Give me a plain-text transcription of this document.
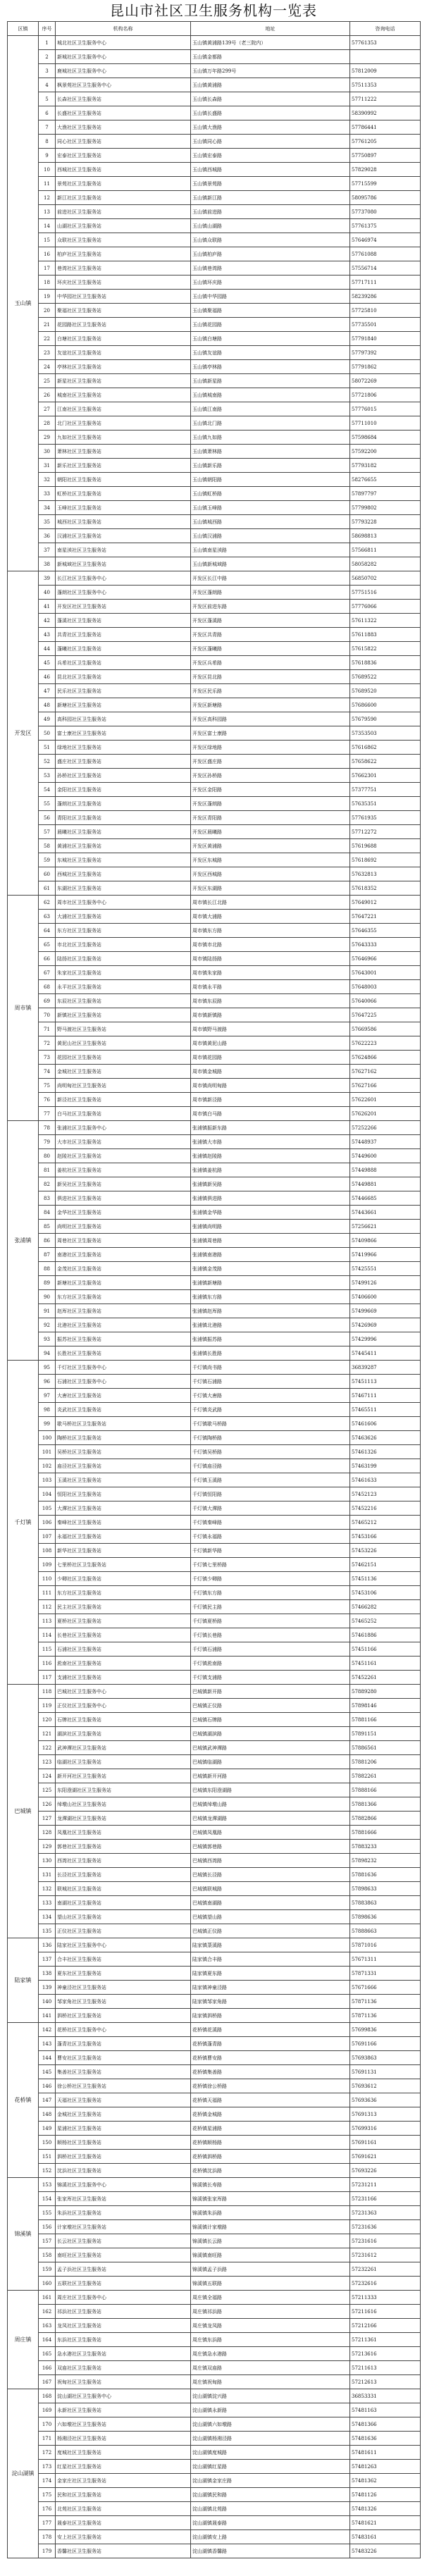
昆山市社区卫生服务机构一览表
区镇	序号	机构名称	地址	咨询电话
玉山镇	1	城北社区卫生服务中心	玉山镇黄浦路139号（老三院内）	57761353
	2	新城社区卫生服务中心	玉山镇金都路	
	3	鹿城社区卫生服务中心	玉山镇万年路299号	57812009
	4	枫景苑社区卫生服务中心	玉山镇黄浦路	57511353
	5	长森社区卫生服务站	玉山镇长森路	57711222
	6	长盛社区卫生服务站	玉山镇长盛路	58390992
	7	大渔社区卫生服务站	玉山镇大渔路	57786441
	8	同心社区卫生服务站	玉山镇同心路	57761205
	9	宏泰社区卫生服务站	玉山镇宏泰路	57750897
	10	西城社区卫生服务站	玉山镇西城路	57829028
	11	景苑社区卫生服务站	玉山镇景苑路	57715599
	12	新江社区卫生服务站	玉山镇新江路	58095786
	13	前进社区卫生服务站	玉山镇前进路	57737080
	14	山湖社区卫生服务站	玉山镇山湖路	57761375
	15	众联社区卫生服务站	玉山镇众联路	57646974
	16	柏庐社区卫生服务站	玉山镇柏庐路	57761088
	17	巷湾社区卫生服务站	玉山镇巷湾路	57556714
	18	环庆社区卫生服务站	玉山镇环庆路	57717111
	19	中华园社区卫生服务站	玉山镇中华园路	58239286
	20	聚福社区卫生服务站	玉山镇聚福路	57725810
	21	花园路社区卫生服务站	玉山镇花园路	57735501
	22	白塘社区卫生服务站	玉山镇白塘路	57791840
	23	友谊社区卫生服务站	玉山镇友谊路	57797392
	24	亭林社区卫生服务站	玉山镇亭林路	57791862
	25	新星社区卫生服务站	玉山镇新星路	58072269
	26	城南社区卫生服务站	玉山镇城南路	57721806
	27	江南社区卫生服务站	玉山镇江南路	57776015
	28	北门社区卫生服务站	玉山镇北门路	57711010
	29	九如社区卫生服务站	玉山镇九如路	57598684
	30	萧林社区卫生服务站	玉山镇萧林路	57592200
	31	新乐社区卫生服务站	玉山镇新乐路	57793182
	32	朝阳社区卫生服务站	玉山镇朝阳路	58276655
	33	虹桥社区卫生服务站	玉山镇虹桥路	57897797
	34	玉峰社区卫生服务站	玉山镇玉峰路	57799802
	35	城西社区卫生服务站	玉山镇城西路	57793228
	36	汉浦社区卫生服务站	玉山镇汉浦路	58698813
	37	南星渎社区卫生服务站	玉山镇南星渎路	57566811
	38	新城域社区卫生服务站	玉山镇新城域路	58058282
开发区	39	长江社区卫生服务中心	开发区长江中路	56850702
	40	蓬朗社区卫生服务中心	开发区蓬朗路	57751516
	41	开发区社区卫生服务站	开发区前进东路	57776066
	42	蓬溪社区卫生服务站	开发区蓬溪路	57611322
	43	共青社区卫生服务站	开发区共青路	57611883
	44	蓬曦社区卫生服务站	开发区蓬曦路	57615822
	45	兵希社区卫生服务站	开发区兵希路	57618836
	46	昆北社区卫生服务站	开发区昆北路	57689522
	47	民乐社区卫生服务站	开发区民乐路	57689520
	48	新塘社区卫生服务站	开发区新塘路	57686600
	49	高科园社区卫生服务站	开发区高科园路	57679590
	50	富士康社区卫生服务站	开发区富士康路	57353503
	51	绿地社区卫生服务站	开发区绿地路	57616862
	52	盛庄社区卫生服务站	开发区盛庄路	57658622
	53	孙桥社区卫生服务站	开发区孙桥路	57662301
	54	金阳社区卫生服务站	开发区金阳路	57377751
	55	蓬朗社区卫生服务站	开发区蓬朗路	57635351
	56	青阳社区卫生服务站	开发区青阳路	57761935
	57	晨曦社区卫生服务站	开发区晨曦路	57712272
	58	黄浦社区卫生服务站	开发区黄浦路	57619688
	59	东城社区卫生服务站	开发区东城路	57618692
	60	西城社区卫生服务站	开发区西城路	57632813
	61	东湖社区卫生服务站	开发区东湖路	57618352
周市镇	62	周市社区卫生服务中心	周市镇长江北路	57649012
	63	大浦社区卫生服务站	周市镇大浦路	57647221
	64	东方社区卫生服务站	周市镇东方路	57646355
	65	市北社区卫生服务站	周市镇市北路	57643333
	66	陆扬社区卫生服务站	周市镇陆扬路	57646966
	67	朱家社区卫生服务站	周市镇朱家路	57643001
	68	永平社区卫生服务站	周市镇永平路	57648003
	69	东辰社区卫生服务站	周市镇东辰路	57640066
	70	新镇社区卫生服务站	周市镇新镇路	57647225
	71	野马渡社区卫生服务站	周市镇野马渡路	57669586
	72	黄泥山社区卫生服务站	周市镇黄泥山路	57622223
	73	花园社区卫生服务站	周市镇花园路	57624866
	74	金城社区卫生服务站	周市镇金城路	57627162
	75	尚明甸社区卫生服务站	周市镇尚明甸路	57627166
	76	新泾社区卫生服务站	周市镇新泾路	57622601
	77	白马社区卫生服务站	周市镇白马路	57626201
张浦镇	78	张浦社区卫生服务中心	张浦镇振新东路	57252266
	79	大市社区卫生服务站	张浦镇大市路	57448937
	80	赵陵社区卫生服务站	张浦镇赵陵路	57449600
	81	姜杭社区卫生服务站	张浦镇姜杭路	57449888
	82	新吴社区卫生服务站	张浦镇新吴路	57449881
	83	俱进社区卫生服务站	张浦镇俱进路	57446685
	84	金华社区卫生服务站	张浦镇金华路	57443661
	85	尚明社区卫生服务站	张浦镇尚明路	57256621
	86	周巷社区卫生服务站	张浦镇周巷路	57409866
	87	南港社区卫生服务站	张浦镇南港路	57419966
	88	金茂社区卫生服务站	张浦镇金茂路	57425551
	89	新塘社区卫生服务站	张浦镇新塘路	57499126
	90	东方社区卫生服务站	张浦镇东方路	57406600
	91	赵厍社区卫生服务站	张浦镇赵厍路	57499669
	92	北港社区卫生服务站	张浦镇北港路	57426969
	93	振苏社区卫生服务站	张浦镇振苏路	57429996
	94	长胜社区卫生服务站	张浦镇长胜路	57445411
千灯镇	95	千灯社区卫生服务中心	千灯镇尚书路	36839287
	96	石浦社区卫生服务中心	千灯镇石浦路	57451113
	97	大唐社区卫生服务站	千灯镇大唐路	57467111
	98	炎武社区卫生服务站	千灯镇炎武路	57465511
	99	歇马桥社区卫生服务站	千灯镇歇马桥路	57461606
	100	陶桥社区卫生服务站	千灯镇陶桥路	57463626
	101	吴桥社区卫生服务站	千灯镇吴桥路	57461326
	102	庙泾社区卫生服务站	千灯镇庙泾路	57463199
	103	玉溪社区卫生服务站	千灯镇玉溪路	57461633
	104	恒阳社区卫生服务站	千灯镇恒阳路	57452123
	105	大潭社区卫生服务站	千灯镇大潭路	57452216
	106	秦峰社区卫生服务站	千灯镇秦峰路	57465212
	107	永福社区卫生服务站	千灯镇永福路	57453166
	108	新华社区卫生服务站	千灯镇新华路	57453226
	109	七里桥社区卫生服务站	千灯镇七里桥路	57462151
	110	少卿社区卫生服务站	千灯镇少卿路	57451136
	111	东方社区卫生服务站	千灯镇东方路	57453106
	112	民主社区卫生服务站	千灯镇民主路	57466282
	113	夏桥社区卫生服务站	千灯镇夏桥路	57465252
	114	长巷社区卫生服务站	千灯镇长巷路	57461886
	115	石浦社区卫生服务站	千灯镇石浦路	57451166
	116	淞南社区卫生服务站	千灯镇淞南路	57451161
	117	支浦社区卫生服务站	千灯镇支浦路	57452261
巴城镇	118	巴城社区卫生服务中心	巴城镇新开路	57889280
	119	正仪社区卫生服务中心	巴城镇正仪路	57898146
	120	石牌社区卫生服务站	巴城镇石牌路	57881166
	121	湖滨社区卫生服务站	巴城镇湖滨路	57891151
	122	武神潭社区卫生服务站	巴城镇武神潭路	57886561
	123	临湖社区卫生服务站	巴城镇临湖路	57881206
	124	新开河社区卫生服务站	巴城镇新开河路	57882261
	125	东阳澄湖社区卫生服务站	巴城镇东阳澄湖路	57888166
	126	绰墩山社区卫生服务站	巴城镇绰墩山路	57881366
	127	龙潭湖社区卫生服务站	巴城镇龙潭湖路	57882866
	128	凤凰社区卫生服务站	巴城镇凤凰路	57881666
	129	郭巷社区卫生服务站	巴城镇郭巷路	57883233
	130	西湾社区卫生服务站	巴城镇西湾路	57898232
	131	长泾社区卫生服务站	巴城镇长泾路	57881636
	132	联城社区卫生服务站	巴城镇联城路	57898633
	133	南湖社区卫生服务站	巴城镇南湖路	57883863
	134	望山社区卫生服务站	巴城镇望山路	57898636
	135	正仪社区卫生服务站	巴城镇正仪路	57888663
陆家镇	136	陆家社区卫生服务中心	陆家镇菉溪路	57871016
	137	合丰社区卫生服务站	陆家镇合丰路	57671311
	138	夏东社区卫生服务站	陆家镇夏东路	57871331
	139	神童泾社区卫生服务站	陆家镇神童泾路	57671666
	140	邹家角社区卫生服务站	陆家镇邹家角路	57871136
	141	泗桥社区卫生服务站	陆家镇泗桥路	57871136
花桥镇	142	花桥社区卫生服务中心	花桥镇花溪路	57699836
	143	蓬青社区卫生服务站	花桥镇蓬青路	57691166
	144	曹安社区卫生服务站	花桥镇曹安路	57693863
	145	集善社区卫生服务站	花桥镇集善路	57691131
	146	徐公桥社区卫生服务站	花桥镇徐公桥路	57693612
	147	天福社区卫生服务站	花桥镇天福路	57693636
	148	金城社区卫生服务站	花桥镇金城路	57691313
	149	星浦社区卫生服务站	花桥镇星浦路	57699316
	150	顺杨社区卫生服务站	花桥镇顺杨路	57691161
	151	泗桥社区卫生服务站	花桥镇泗桥路	57691621
	152	沈浜社区卫生服务站	花桥镇沈浜路	57693226
锦溪镇	153	锦溪社区卫生服务中心	锦溪镇长寿路	57231211
	154	张家厍社区卫生服务站	锦溪镇张家厍路	57231166
	155	朱浜社区卫生服务站	锦溪镇朱浜路	57231363
	156	计家墩社区卫生服务站	锦溪镇计家墩路	57231636
	157	长云社区卫生服务站	锦溪镇长云路	57231616
	158	南旺社区卫生服务站	锦溪镇南旺路	57231612
	159	孟子浜社区卫生服务站	锦溪镇孟子浜路	57232261
	160	五联社区卫生服务站	锦溪镇五联路	57232616
周庄镇	161	周庄社区卫生服务中心	周庄镇全福路	57211333
	162	祁浜社区卫生服务站	周庄镇祁浜路	57211616
	163	龙凤社区卫生服务站	周庄镇龙凤路	57212166
	164	东浜社区卫生服务站	周庄镇东浜路	57211361
	165	急水港社区卫生服务站	周庄镇急水港路	57213616
	166	双庙社区卫生服务站	周庄镇双庙路	57211613
	167	祝甸社区卫生服务站	周庄镇祝甸路	57212613
淀山湖镇	168	淀山湖社区卫生服务中心	淀山湖镇淀兴路	36853331
	169	永新社区卫生服务站	淀山湖镇永新路	57481163
	170	六如墩社区卫生服务站	淀山湖镇六如墩路	57481366
	171	杨湘泾社区卫生服务站	淀山湖镇杨湘泾路	57481636
	172	度城社区卫生服务站	淀山湖镇度城路	57481611
	173	红星社区卫生服务站	淀山湖镇红星路	57481263
	174	金家庄社区卫生服务站	淀山湖镇金家庄路	57481362
	175	民和社区卫生服务站	淀山湖镇民和路	57481126
	176	北苑社区卫生服务站	淀山湖镇北苑路	57481326
	177	晟泰社区卫生服务站	淀山湖镇晟泰路	57481621
	178	安上社区卫生服务站	淀山湖镇安上路	57483161
	179	香馨社区卫生服务站	淀山湖镇香馨路	57483226
